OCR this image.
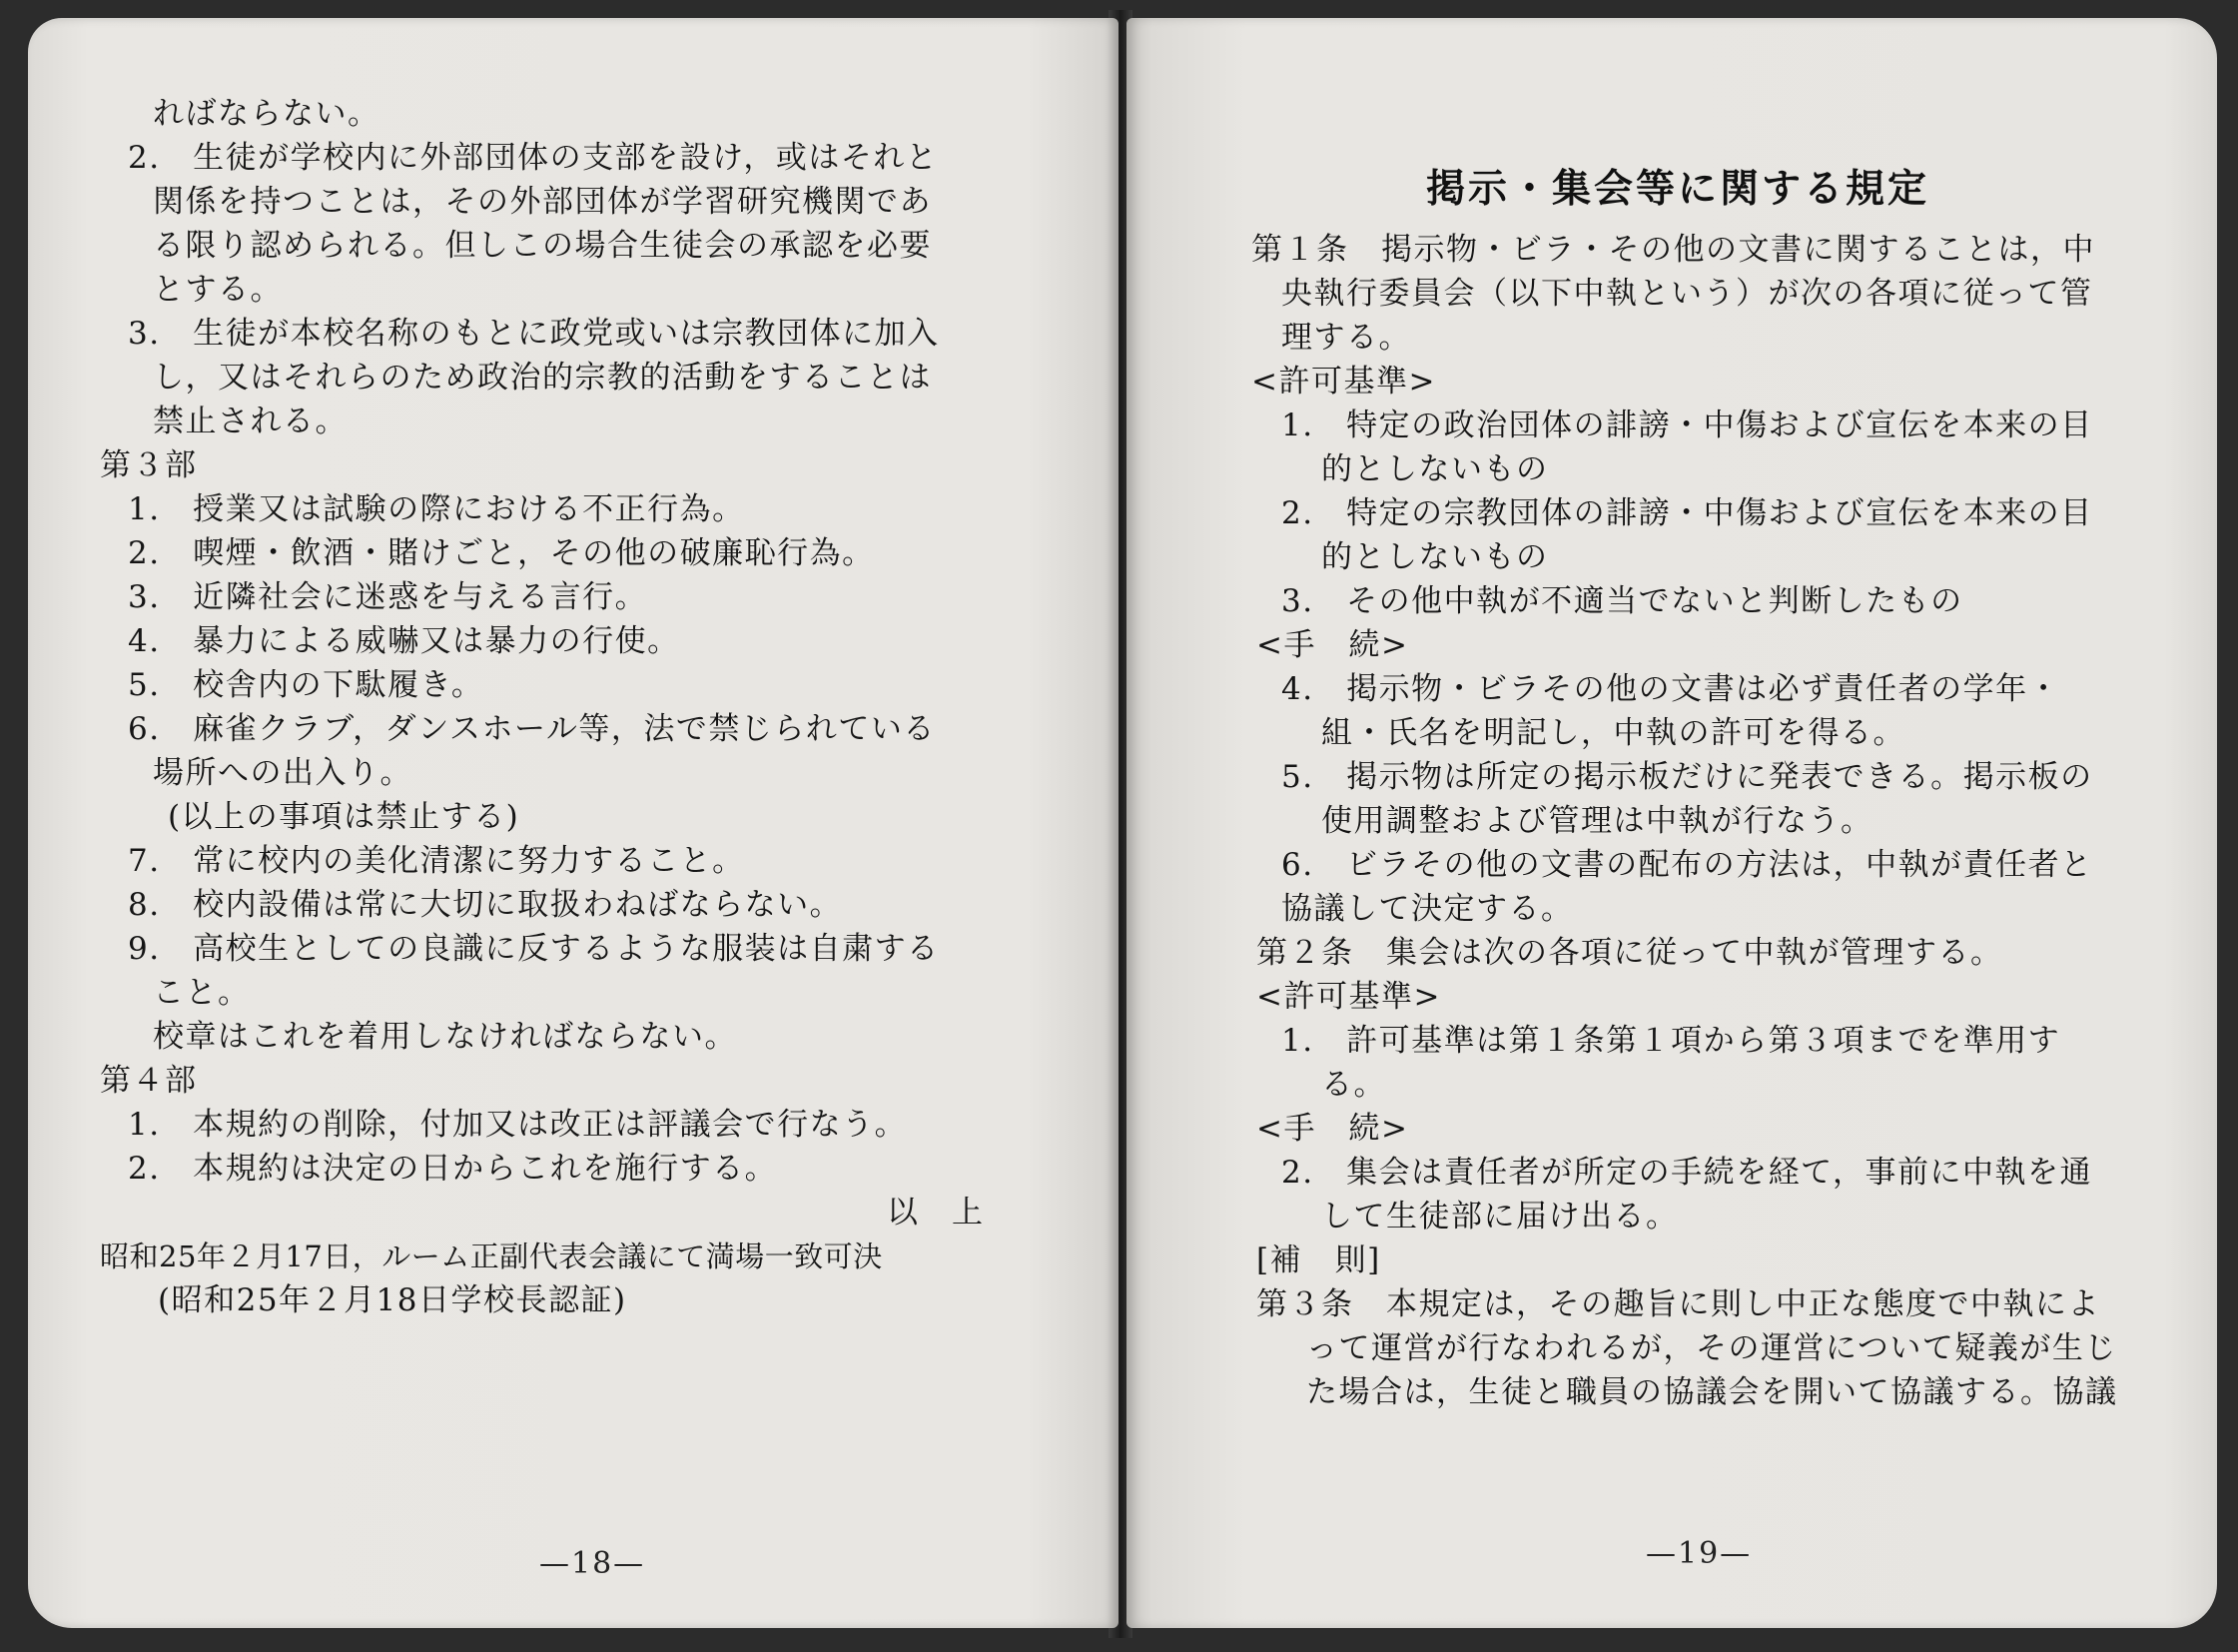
ればならない。
2.　生徒が学校内に外部団体の支部を設け，或はそれと
関係を持つことは，その外部団体が学習研究機関であ
る限り認められる。但しこの場合生徒会の承認を必要
とする。
3.　生徒が本校名称のもとに政党或いは宗教団体に加入
し，又はそれらのため政治的宗教的活動をすることは
禁止される。
第３部
1.　授業又は試験の際における不正行為。
2.　喫煙・飲酒・賭けごと，その他の破廉恥行為。
3.　近隣社会に迷惑を与える言行。
4.　暴力による威嚇又は暴力の行使。
5.　校舎内の下駄履き。
6.　麻雀クラブ，ダンスホール等，法で禁じられている
場所への出入り。
(以上の事項は禁止する)
7.　常に校内の美化清潔に努力すること。
8.　校内設備は常に大切に取扱わねばならない。
9.　高校生としての良識に反するような服装は自粛する
こと。
校章はこれを着用しなければならない。
第４部
1.　本規約の削除，付加又は改正は評議会で行なう。
2.　本規約は決定の日からこれを施行する。
以　上
昭和25年２月17日，ルーム正副代表会議にて満場一致可決
(昭和25年２月18日学校長認証)
—18—
掲示・集会等に関する規定
第１条　掲示物・ビラ・その他の文書に関することは，中
央執行委員会（以下中執という）が次の各項に従って管
理する。
<許可基準>
1.　特定の政治団体の誹謗・中傷および宣伝を本来の目
的としないもの
2.　特定の宗教団体の誹謗・中傷および宣伝を本来の目
的としないもの
3.　その他中執が不適当でないと判断したもの
<手　続>
4.　掲示物・ビラその他の文書は必ず責任者の学年・
組・氏名を明記し，中執の許可を得る。
5.　掲示物は所定の掲示板だけに発表できる。掲示板の
使用調整および管理は中執が行なう。
6.　ビラその他の文書の配布の方法は，中執が責任者と
協議して決定する。
第２条　集会は次の各項に従って中執が管理する。
<許可基準>
1.　許可基準は第１条第１項から第３項までを準用す
る。
<手　続>
2.　集会は責任者が所定の手続を経て，事前に中執を通
して生徒部に届け出る。
[補　則]
第３条　本規定は，その趣旨に則し中正な態度で中執によ
って運営が行なわれるが，その運営について疑義が生じ
た場合は，生徒と職員の協議会を開いて協議する。協議
—19—
